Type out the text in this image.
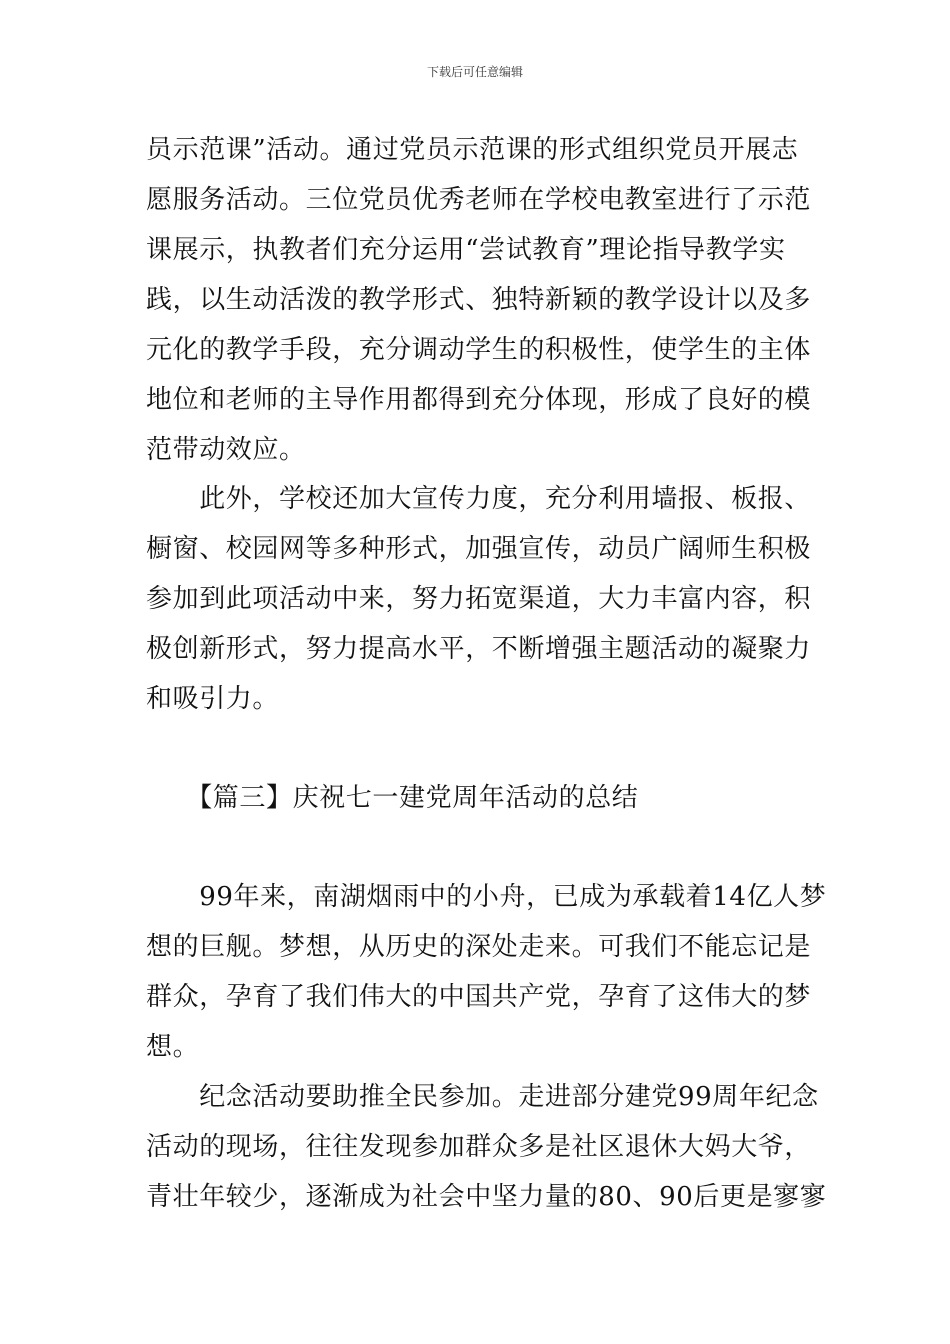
下载后可任意编辑
员示范课”活动。通过党员示范课的形式组织党员开展志
愿服务活动。三位党员优秀老师在学校电教室进行了示范
课展示，执教者们充分运用“尝试教育”理论指导教学实
践，以生动活泼的教学形式、独特新颖的教学设计以及多
元化的教学手段，充分调动学生的积极性，使学生的主体
地位和老师的主导作用都得到充分体现，形成了良好的模
范带动效应。
　　此外，学校还加大宣传力度，充分利用墙报、板报、
橱窗、校园网等多种形式，加强宣传，动员广阔师生积极
参加到此项活动中来，努力拓宽渠道，大力丰富内容，积
极创新形式，努力提高水平，不断增强主题活动的凝聚力
和吸引力。
　　【篇三】庆祝七一建党周年活动的总结
　　99年来，南湖烟雨中的小舟，已成为承载着14亿人梦
想的巨舰。梦想，从历史的深处走来。可我们不能忘记是
群众，孕育了我们伟大的中国共产党，孕育了这伟大的梦
想。
　　纪念活动要助推全民参加。走进部分建党99周年纪念
活动的现场，往往发现参加群众多是社区退休大妈大爷，
青壮年较少，逐渐成为社会中坚力量的80、90后更是寥寥
